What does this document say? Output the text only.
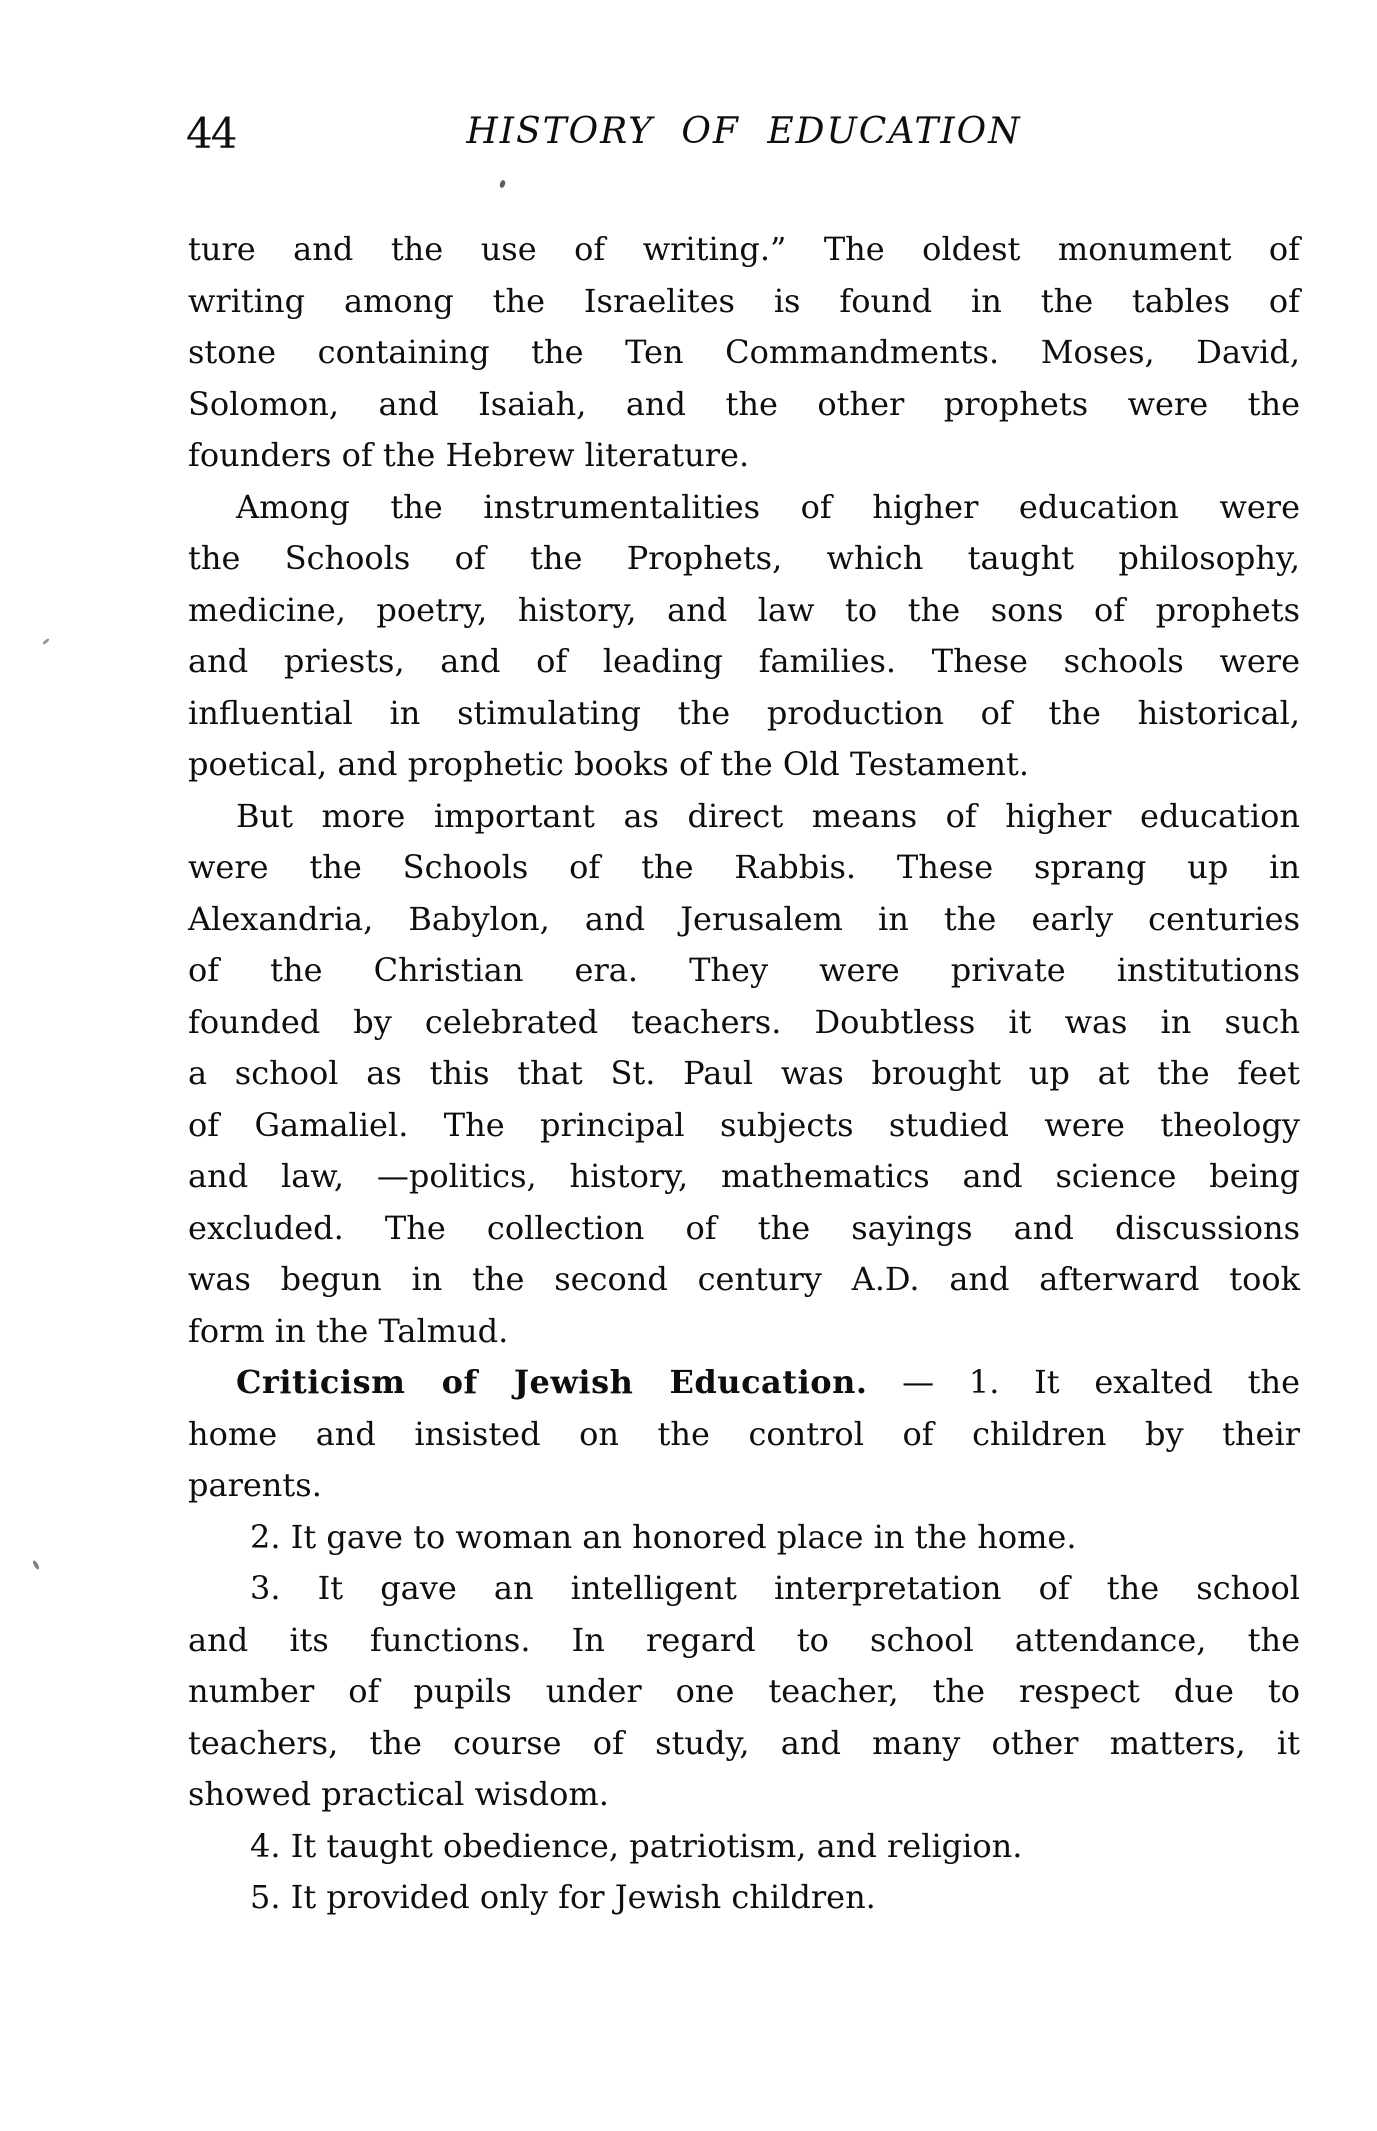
44	HISTORY OF EDUCATION
ture and the use of writing.” The oldest monument of
writing among the Israelites is found in the tables of
stone containing the Ten Commandments. Moses, David,
Solomon, and Isaiah, and the other prophets were the
founders of the Hebrew literature.
Among the instrumentalities of higher education were
the Schools of the Prophets, which taught philosophy,
medicine, poetry, history, and law to the sons of prophets
and priests, and of leading families. These schools were
influential in stimulating the production of the historical,
poetical, and prophetic books of the Old Testament.
But more important as direct means of higher education
were the Schools of the Rabbis. These sprang up in
Alexandria, Babylon, and Jerusalem in the early centuries
of the Christian era. They were private institutions
founded by celebrated teachers. Doubtless it was in such
a school as this that St. Paul was brought up at the feet
of Gamaliel. The principal subjects studied were theology
and law, —politics, history, mathematics and science being
excluded. The collection of the sayings and discussions
was begun in the second century A.D. and afterward took
form in the Talmud.
Criticism of Jewish Education. — 1. It exalted the
home and insisted on the control of children by their
parents.
2. It gave to woman an honored place in the home.
3. It gave an intelligent interpretation of the school
and its functions. In regard to school attendance, the
number of pupils under one teacher, the respect due to
teachers, the course of study, and many other matters, it
showed practical wisdom.
4. It taught obedience, patriotism, and religion.
5. It provided only for Jewish children.
